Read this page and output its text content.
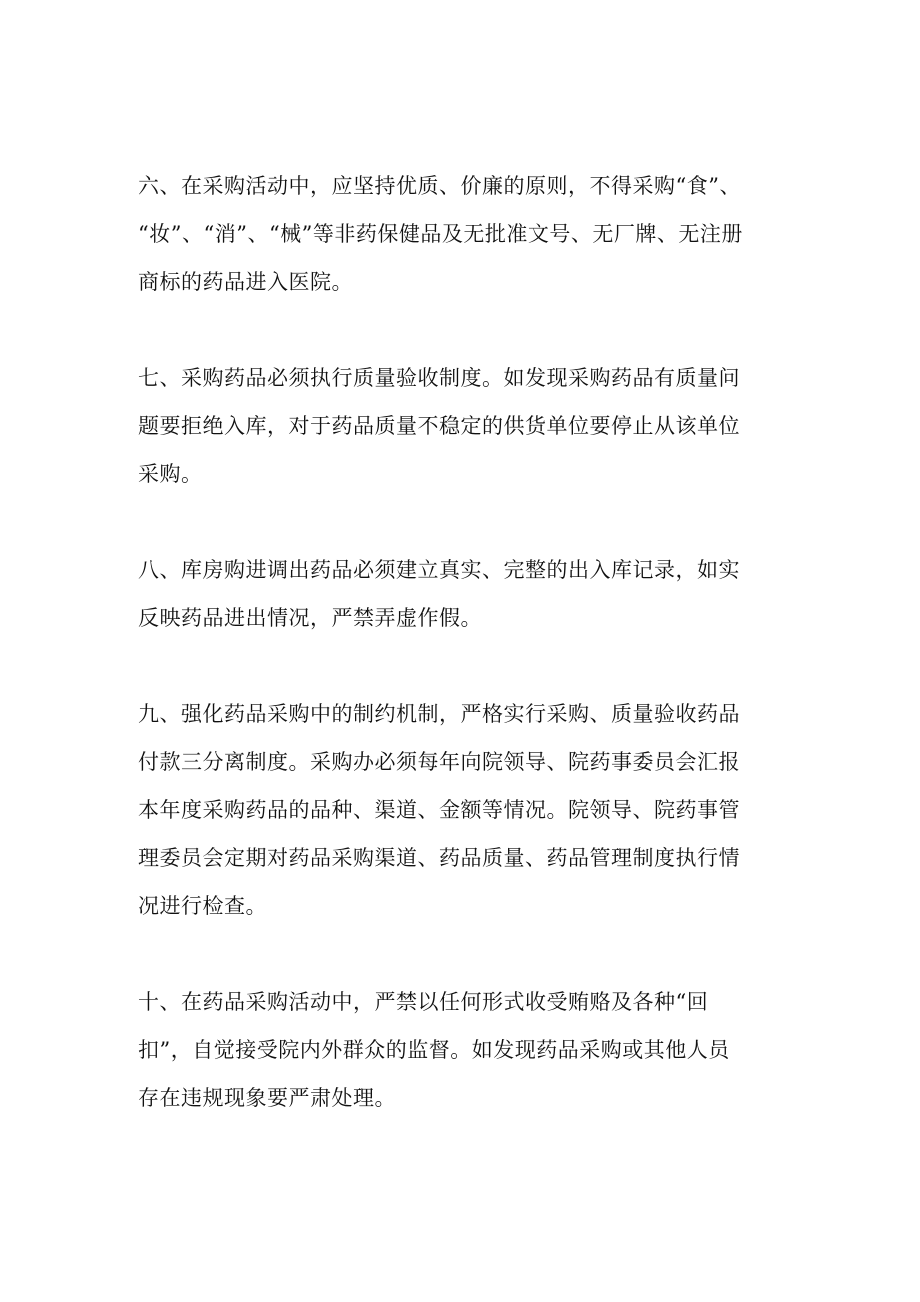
六、在采购活动中，应坚持优质、价廉的原则，不得采购“食”、
“妆”、“消”、“械”等非药保健品及无批准文号、无厂牌、无注册
商标的药品进入医院。

七、采购药品必须执行质量验收制度。如发现采购药品有质量问
题要拒绝入库，对于药品质量不稳定的供货单位要停止从该单位
采购。

八、库房购进调出药品必须建立真实、完整的出入库记录，如实
反映药品进出情况，严禁弄虚作假。

九、强化药品采购中的制约机制，严格实行采购、质量验收药品
付款三分离制度。采购办必须每年向院领导、院药事委员会汇报
本年度采购药品的品种、渠道、金额等情况。院领导、院药事管
理委员会定期对药品采购渠道、药品质量、药品管理制度执行情
况进行检查。

十、在药品采购活动中，严禁以任何形式收受贿赂及各种“回
扣”，自觉接受院内外群众的监督。如发现药品采购或其他人员
存在违规现象要严肃处理。
